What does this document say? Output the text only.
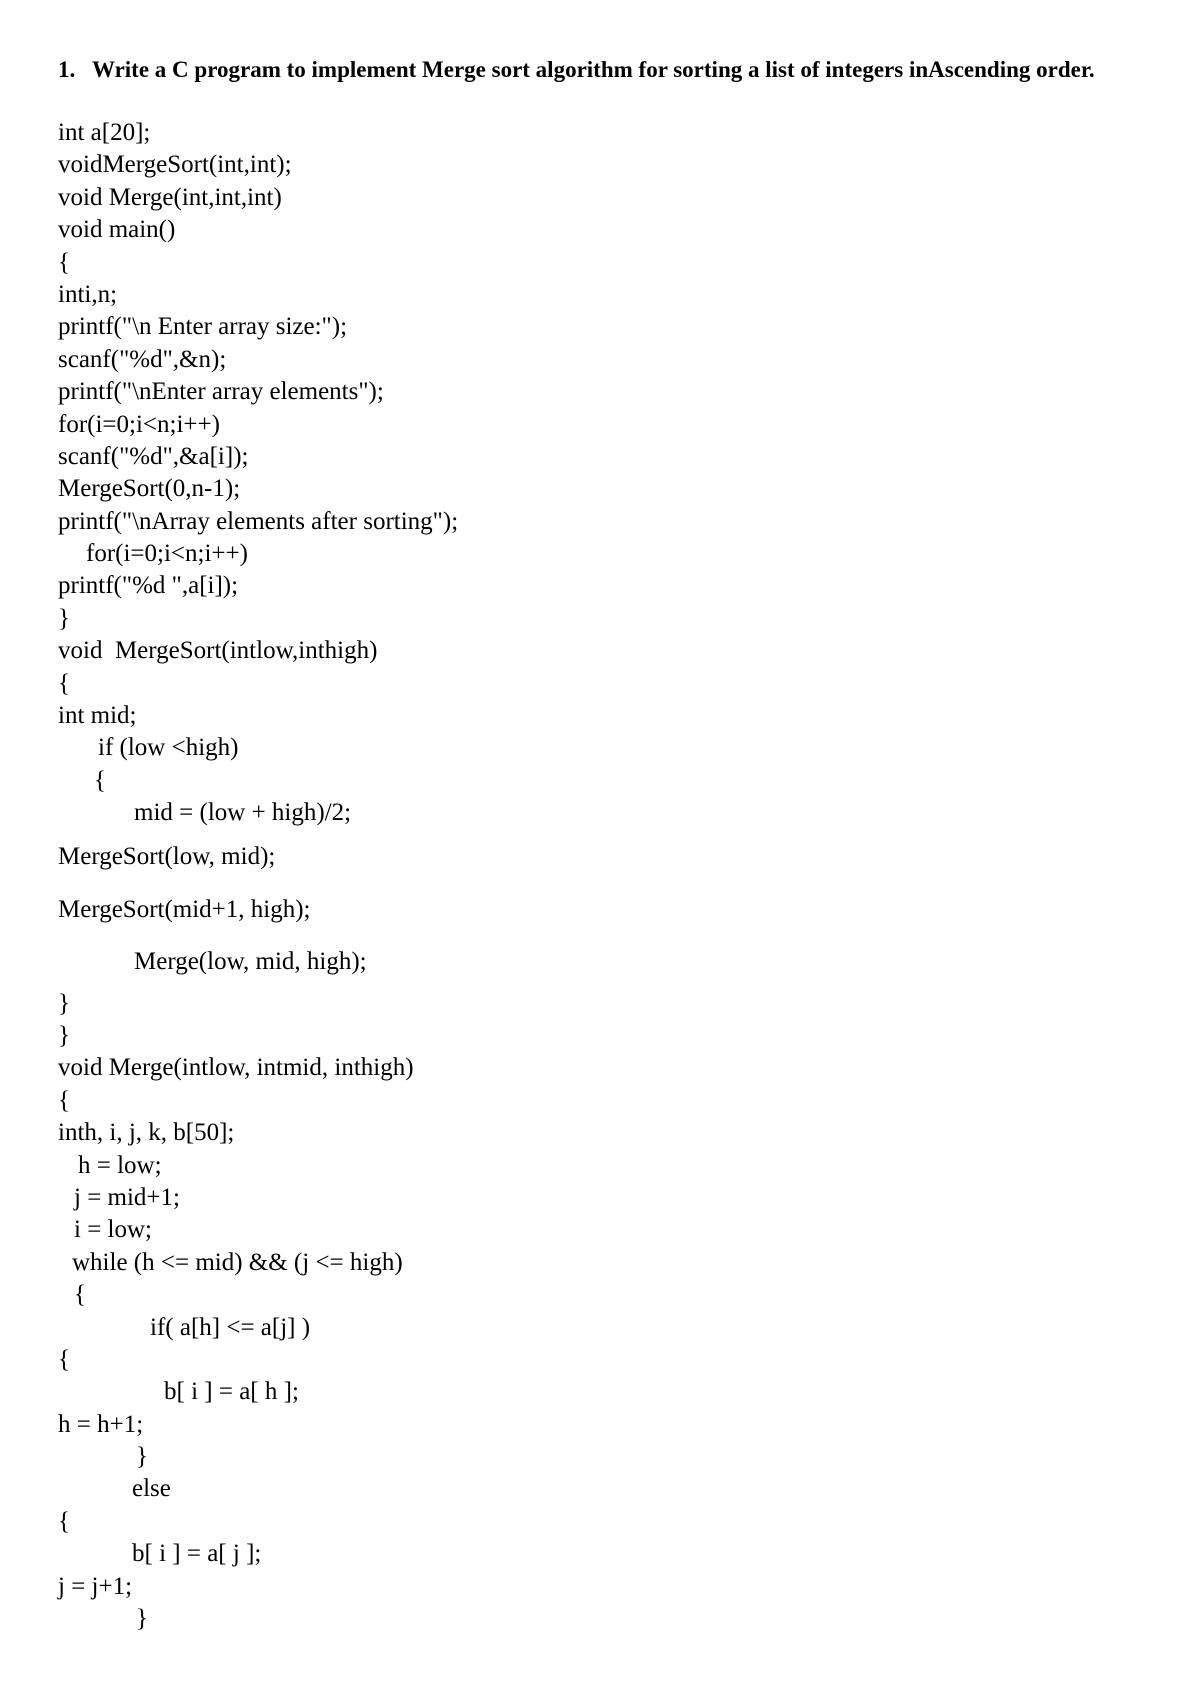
1. Write a C program to implement Merge sort algorithm for sorting a list of integers inAscending order.

int a[20];
voidMergeSort(int,int);
void Merge(int,int,int)
void main()
{
inti,n;
printf("\n Enter array size:");
scanf("%d",&n);
printf("\nEnter array elements");
for(i=0;i<n;i++)
scanf("%d",&a[i]);
MergeSort(0,n-1);
printf("\nArray elements after sorting");
for(i=0;i<n;i++)
printf("%d ",a[i]);
}
void  MergeSort(intlow,inthigh)
{
int mid;
if (low <high)
{
mid = (low + high)/2;
MergeSort(low, mid);
MergeSort(mid+1, high);
Merge(low, mid, high);
}
}
void Merge(intlow, intmid, inthigh)
{
inth, i, j, k, b[50];
h = low;
j = mid+1;
i = low;
while (h <= mid) && (j <= high)
{
if( a[h] <= a[j] )
{
b[ i ] = a[ h ];
h = h+1;
}
else
{
b[ i ] = a[ j ];
j = j+1;
}
